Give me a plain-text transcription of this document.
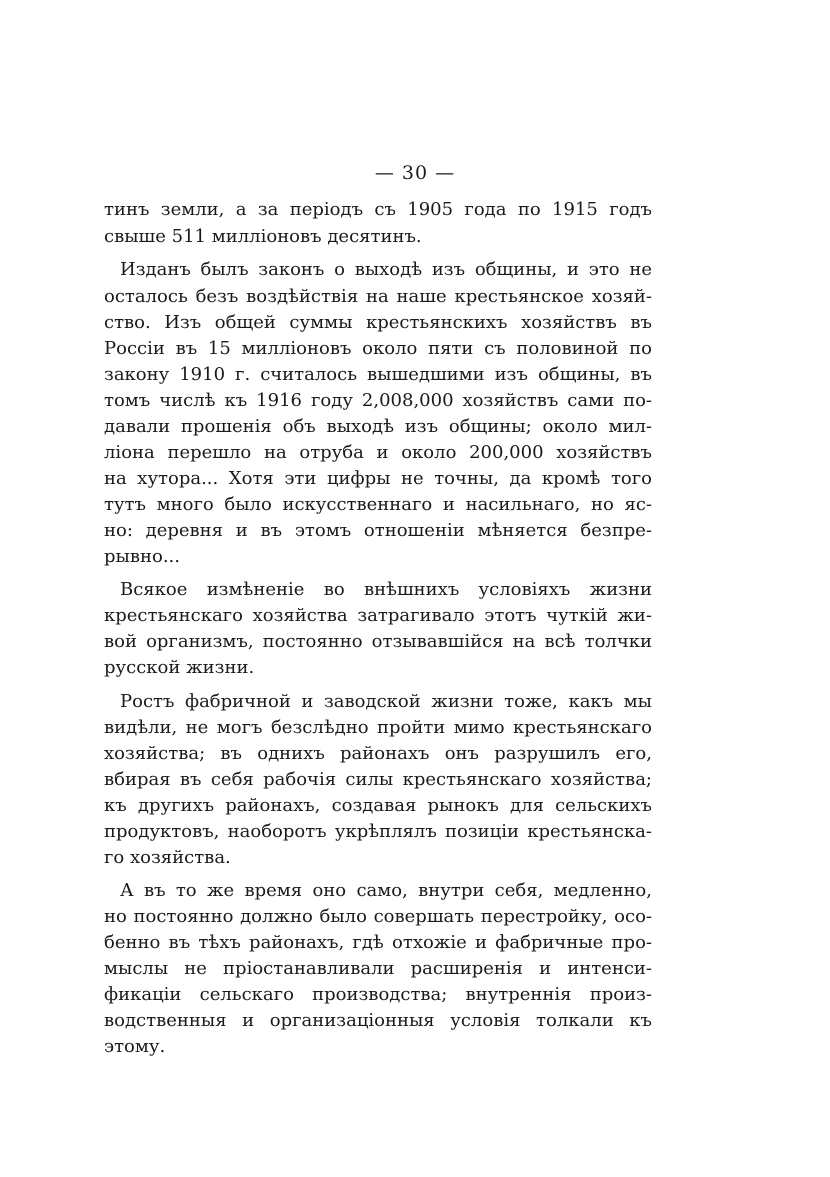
— 30 —
тинъ земли, а за періодъ съ 1905 года по 1915 годъ
свыше 511 милліоновъ десятинъ.
Изданъ былъ законъ о выходѣ изъ общины, и это не
осталось безъ воздѣйствія на наше крестьянское хозяй-
ство. Изъ общей суммы крестьянскихъ хозяйствъ въ
Россіи въ 15 милліоновъ около пяти съ половиной по
закону 1910 г. считалось вышедшими изъ общины, въ
томъ числѣ къ 1916 году 2,008,000 хозяйствъ сами по-
давали прошенія объ выходѣ изъ общины; около мил-
ліона перешло на отруба и около 200,000 хозяйствъ
на хутора... Хотя эти цифры не точны, да кромѣ того
тутъ много было искусственнаго и насильнаго, но яс-
но: деревня и въ этомъ отношеніи мѣняется безпре-
рывно...
Всякое измѣненіе во внѣшнихъ условіяхъ жизни
крестьянскаго хозяйства затрагивало этотъ чуткій жи-
вой организмъ, постоянно отзывавшійся на всѣ толчки
русской жизни.
Ростъ фабричной и заводской жизни тоже, какъ мы
видѣли, не могъ безслѣдно пройти мимо крестьянскаго
хозяйства; въ однихъ районахъ онъ разрушилъ его,
вбирая въ себя рабочія силы крестьянскаго хозяйства;
къ другихъ районахъ, создавая рынокъ для сельскихъ
продуктовъ, наоборотъ укрѣплялъ позиціи крестьянска-
го хозяйства.
А въ то же время оно само, внутри себя, медленно,
но постоянно должно было совершать перестройку, осо-
бенно въ тѣхъ районахъ, гдѣ отхожіе и фабричные про-
мыслы не пріостанавливали расширенія и интенси-
фикаціи сельскаго производства; внутреннія произ-
водственныя и организаціонныя условія толкали къ
этому.
